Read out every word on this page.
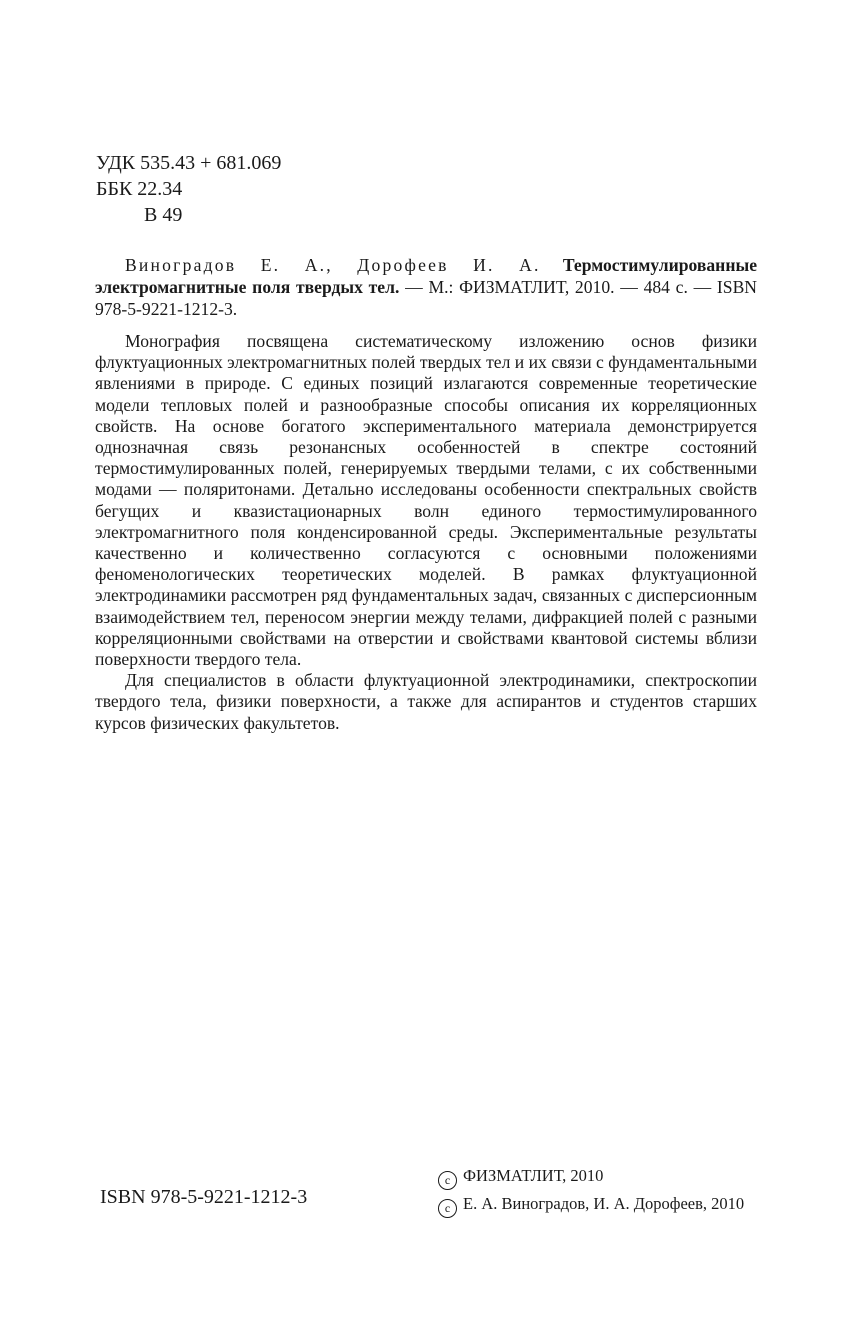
УДК 535.43 + 681.069
ББК 22.34
В 49
Виноградов Е. А., Дорофеев И. А. Термостимулированные электромагнитные поля твердых тел. — М.: ФИЗМАТЛИТ, 2010. — 484 с. — ISBN 978-5-9221-1212-3.

Монография посвящена систематическому изложению основ физики флуктуационных электромагнитных полей твердых тел и их связи с фундаментальными явлениями в природе. С единых позиций излагаются современные теоретические модели тепловых полей и разнообразные способы описания их корреляционных свойств. На основе богатого экспериментального материала демонстрируется однозначная связь резонансных особенностей в спектре состояний термостимулированных полей, генерируемых твердыми телами, с их собственными модами — поляритонами. Детально исследованы особенности спектральных свойств бегущих и квазистационарных волн единого термостимулированного электромагнитного поля конденсированной среды. Экспериментальные результаты качественно и количественно согласуются с основными положениями феноменологических теоретических моделей. В рамках флуктуационной электродинамики рассмотрен ряд фундаментальных задач, связанных с дисперсионным взаимодействием тел, переносом энергии между телами, дифракцией полей с разными корреляционными свойствами на отверстии и свойствами квантовой системы вблизи поверхности твердого тела.

Для специалистов в области флуктуационной электродинамики, спектроскопии твердого тела, физики поверхности, а также для аспирантов и студентов старших курсов физических факультетов.

ISBN 978-5-9221-1212-3
c ФИЗМАТЛИТ, 2010
c Е. А. Виноградов, И. А. Дорофеев, 2010
